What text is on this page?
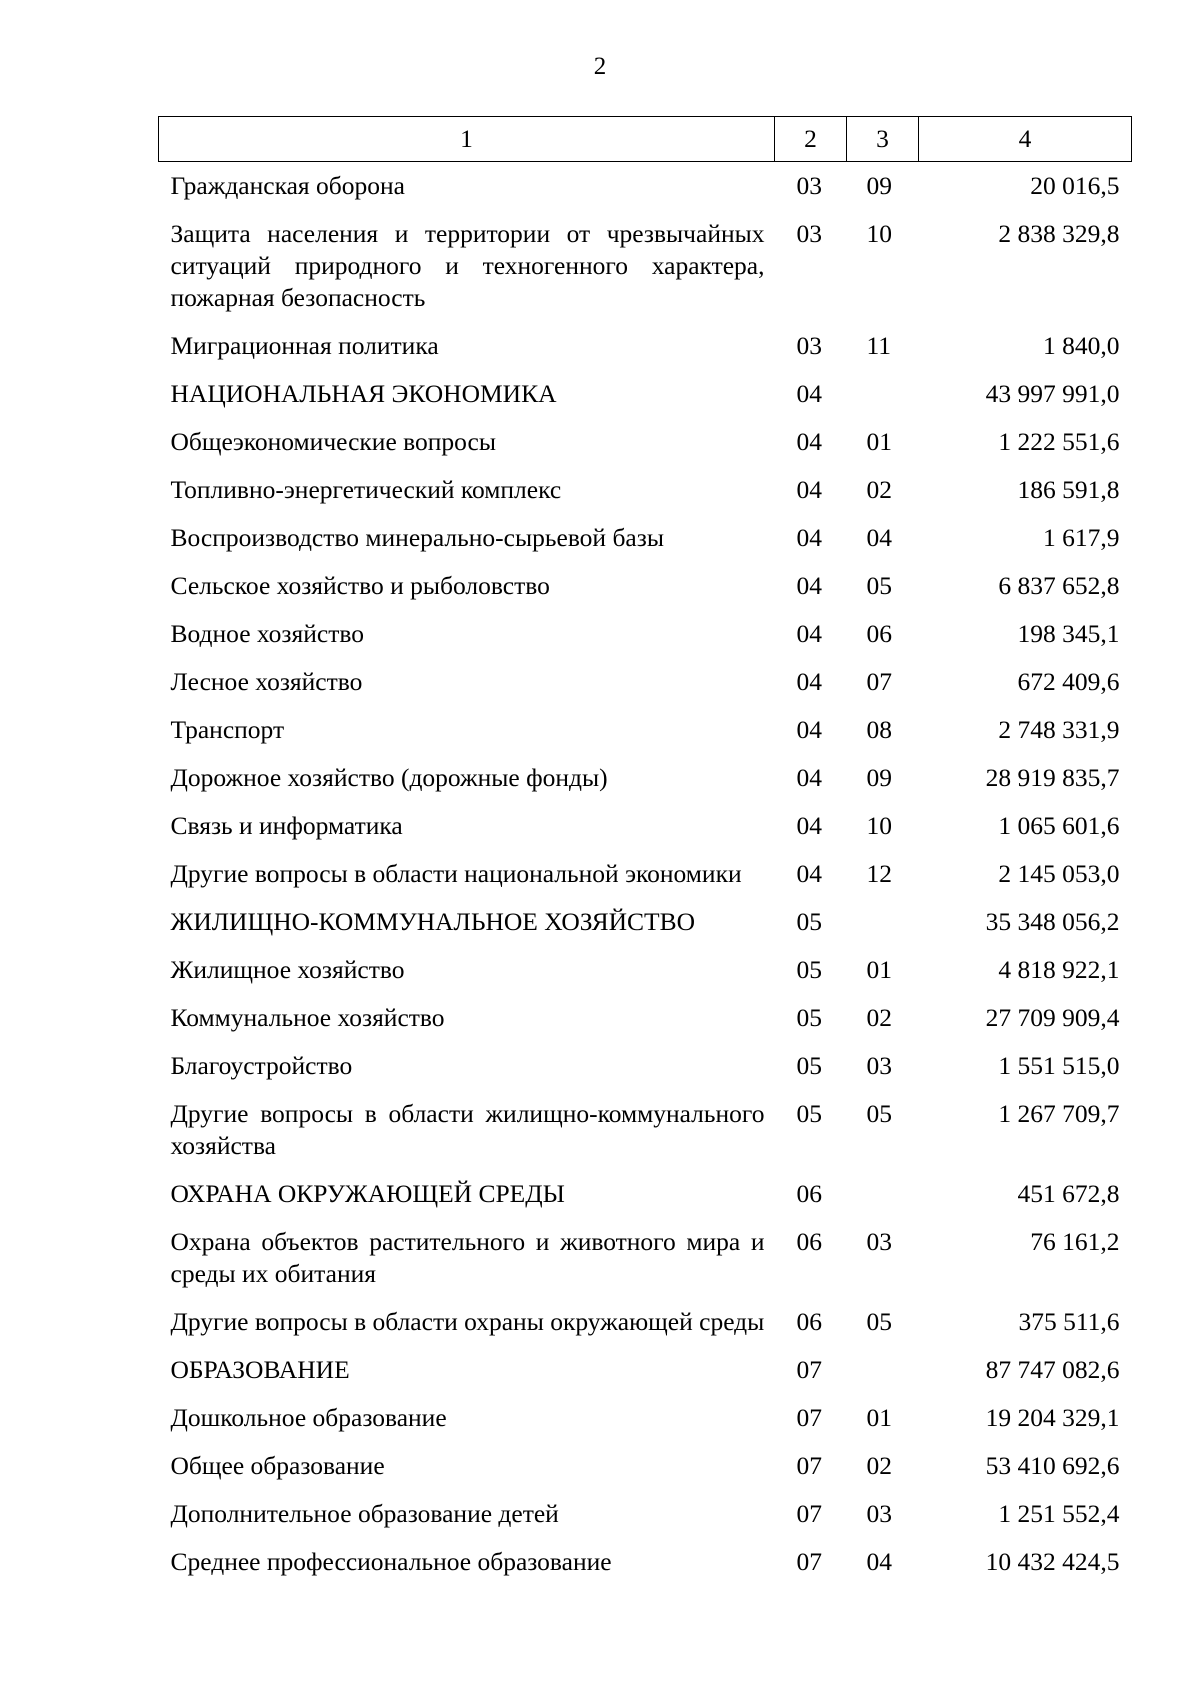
2
1	2	3	4
Гражданская оборона	03	09	20 016,5
Защита населения и территории от чрезвычайных ситуаций природного и техногенного характера, пожарная безопасность	03	10	2 838 329,8
Миграционная политика	03	11	1 840,0
НАЦИОНАЛЬНАЯ ЭКОНОМИКА	04		43 997 991,0
Общеэкономические вопросы	04	01	1 222 551,6
Топливно-энергетический комплекс	04	02	186 591,8
Воспроизводство минерально-сырьевой базы	04	04	1 617,9
Сельское хозяйство и рыболовство	04	05	6 837 652,8
Водное хозяйство	04	06	198 345,1
Лесное хозяйство	04	07	672 409,6
Транспорт	04	08	2 748 331,9
Дорожное хозяйство (дорожные фонды)	04	09	28 919 835,7
Связь и информатика	04	10	1 065 601,6
Другие вопросы в области национальной экономики	04	12	2 145 053,0
ЖИЛИЩНО-КОММУНАЛЬНОЕ ХОЗЯЙСТВО	05		35 348 056,2
Жилищное хозяйство	05	01	4 818 922,1
Коммунальное хозяйство	05	02	27 709 909,4
Благоустройство	05	03	1 551 515,0
Другие вопросы в области жилищно-коммунального хозяйства	05	05	1 267 709,7
ОХРАНА ОКРУЖАЮЩЕЙ СРЕДЫ	06		451 672,8
Охрана объектов растительного и животного мира и среды их обитания	06	03	76 161,2
Другие вопросы в области охраны окружающей среды	06	05	375 511,6
ОБРАЗОВАНИЕ	07		87 747 082,6
Дошкольное образование	07	01	19 204 329,1
Общее образование	07	02	53 410 692,6
Дополнительное образование детей	07	03	1 251 552,4
Среднее профессиональное образование	07	04	10 432 424,5
